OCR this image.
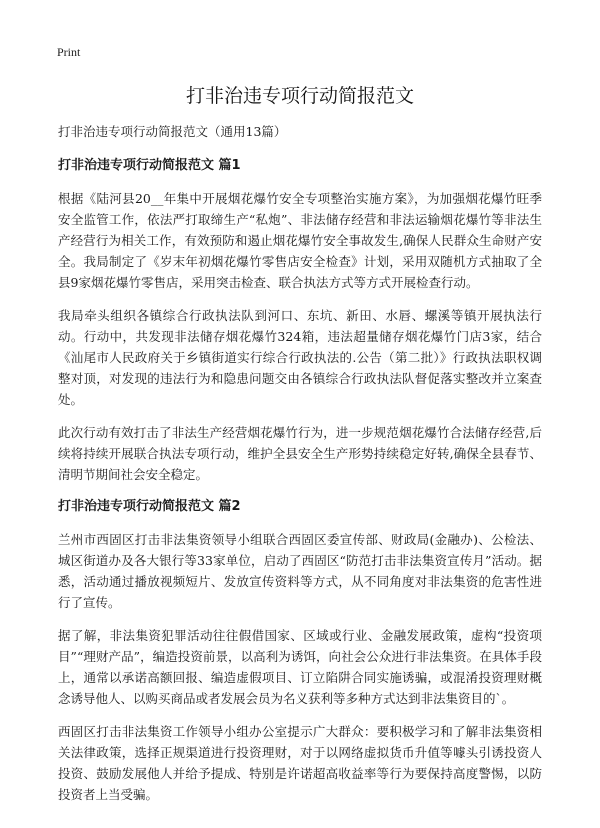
Print
打非治违专项行动简报范文

打非治违专项行动简报范文（通用13篇）

打非治违专项行动简报范文 篇1

根据《陆河县20__年集中开展烟花爆竹安全专项整治实施方案》，为加强烟花爆竹旺季安全监管工作，依法严打取缔生产“私炮”、非法储存经营和非法运输烟花爆竹等非法生产经营行为相关工作，有效预防和遏止烟花爆竹安全事故发生,确保人民群众生命财产安全。我局制定了《岁末年初烟花爆竹零售店安全检查》计划，采用双随机方式抽取了全县9家烟花爆竹零售店，采用突击检查、联合执法方式等方式开展检查行动。

我局牵头组织各镇综合行政执法队到河口、东坑、新田、水唇、螺溪等镇开展执法行动。行动中，共发现非法储存烟花爆竹324箱，违法超量储存烟花爆竹门店3家，结合《汕尾市人民政府关于乡镇街道实行综合行政执法的.公告（第二批）》行政执法职权调整对顶，对发现的违法行为和隐患问题交由各镇综合行政执法队督促落实整改并立案查处。

此次行动有效打击了非法生产经营烟花爆竹行为，进一步规范烟花爆竹合法储存经营,后续将持续开展联合执法专项行动，维护全县安全生产形势持续稳定好转,确保全县春节、清明节期间社会安全稳定。

打非治违专项行动简报范文 篇2

兰州市西固区打击非法集资领导小组联合西固区委宣传部、财政局(金融办)、公检法、城区街道办及各大银行等33家单位，启动了西固区“防范打击非法集资宣传月”活动。据悉，活动通过播放视频短片、发放宣传资料等方式，从不同角度对非法集资的危害性进行了宣传。

据了解，非法集资犯罪活动往往假借国家、区域或行业、金融发展政策，虚构“投资项目”“理财产品”，编造投资前景，以高利为诱饵，向社会公众进行非法集资。在具体手段上，通常以承诺高额回报、编造虚假项目、订立陷阱合同实施诱骗，或混淆投资理财概念诱导他人、以购买商品或者发展会员为名义获利等多种方式达到非法集资目的`。

西固区打击非法集资工作领导小组办公室提示广大群众：要积极学习和了解非法集资相关法律政策，选择正规渠道进行投资理财，对于以网络虚拟货币升值等噱头引诱投资人投资、鼓励发展他人并给予提成、特别是许诺超高收益率等行为要保持高度警惕，以防投资者上当受骗。
